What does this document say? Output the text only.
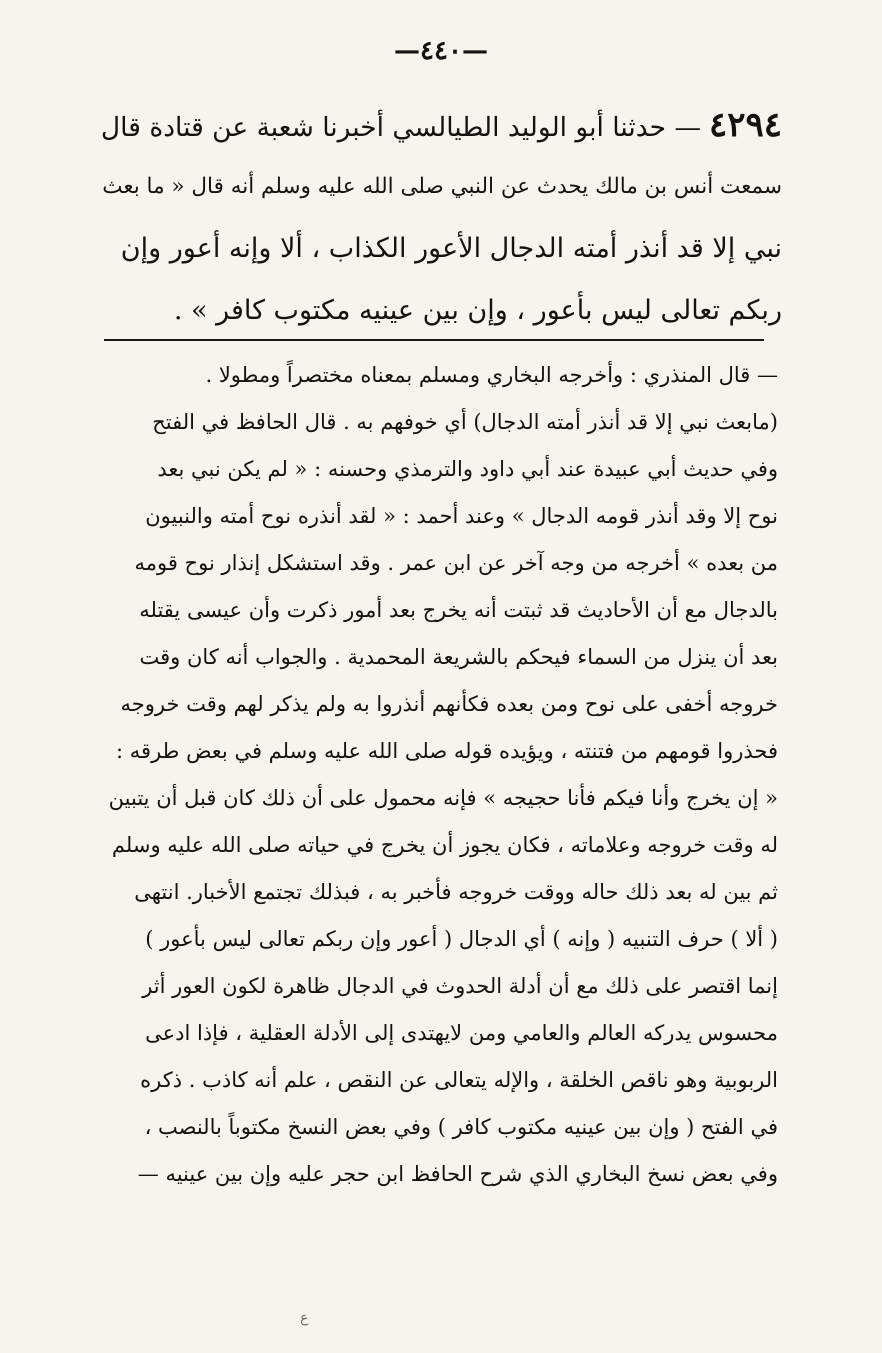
—٤٤٠—
٤٢٩٤— حدثنا أبو الوليد الطيالسي أخبرنا شعبة عن قتادة قال
سمعت أنس بن مالك يحدث عن النبي صلى الله عليه وسلم أنه قال « ما بعث
نبي إلا قد أنذر أمته الدجال الأعور الكذاب ، ألا وإنه أعور وإن
ربكم تعالى ليس بأعور ، وإن بين عينيه مكتوب كافر » .
— قال المنذري : وأخرجه البخاري ومسلم بمعناه مختصراً ومطولا .
(مابعث نبي إلا قد أنذر أمته الدجال) أي خوفهم به . قال الحافظ في الفتح
وفي حديث أبي عبيدة عند أبي داود والترمذي وحسنه : « لم يكن نبي بعد
نوح إلا وقد أنذر قومه الدجال » وعند أحمد : « لقد أنذره نوح أمته والنبيون
من بعده » أخرجه من وجه آخر عن ابن عمر . وقد استشكل إنذار نوح قومه
بالدجال مع أن الأحاديث قد ثبتت أنه يخرج بعد أمور ذكرت وأن عيسى يقتله
بعد أن ينزل من السماء فيحكم بالشريعة المحمدية . والجواب أنه كان وقت
خروجه أخفى على نوح ومن بعده فكأنهم أنذروا به ولم يذكر لهم وقت خروجه
فحذروا قومهم من فتنته ، ويؤيده قوله صلى الله عليه وسلم في بعض طرقه :
« إن يخرج وأنا فيكم فأنا حجيجه » فإنه محمول على أن ذلك كان قبل أن يتبين
له وقت خروجه وعلاماته ، فكان يجوز أن يخرج في حياته صلى الله عليه وسلم
ثم بين له بعد ذلك حاله ووقت خروجه فأخبر به ، فبذلك تجتمع الأخبار. انتهى
( ألا ) حرف التنبيه ( وإنه ) أي الدجال ( أعور وإن ربكم تعالى ليس بأعور )
إنما اقتصر على ذلك مع أن أدلة الحدوث في الدجال ظاهرة لكون العور أثر
محسوس يدركه العالم والعامي ومن لايهتدى إلى الأدلة العقلية ، فإذا ادعى
الربوبية وهو ناقص الخلقة ، والإله يتعالى عن النقص ، علم أنه كاذب . ذكره
في الفتح ( وإن بين عينيه مكتوب كافر ) وفي بعض النسخ مكتوباً بالنصب ،
وفي بعض نسخ البخاري الذي شرح الحافظ ابن حجر عليه وإن بين عينيه —
ع
